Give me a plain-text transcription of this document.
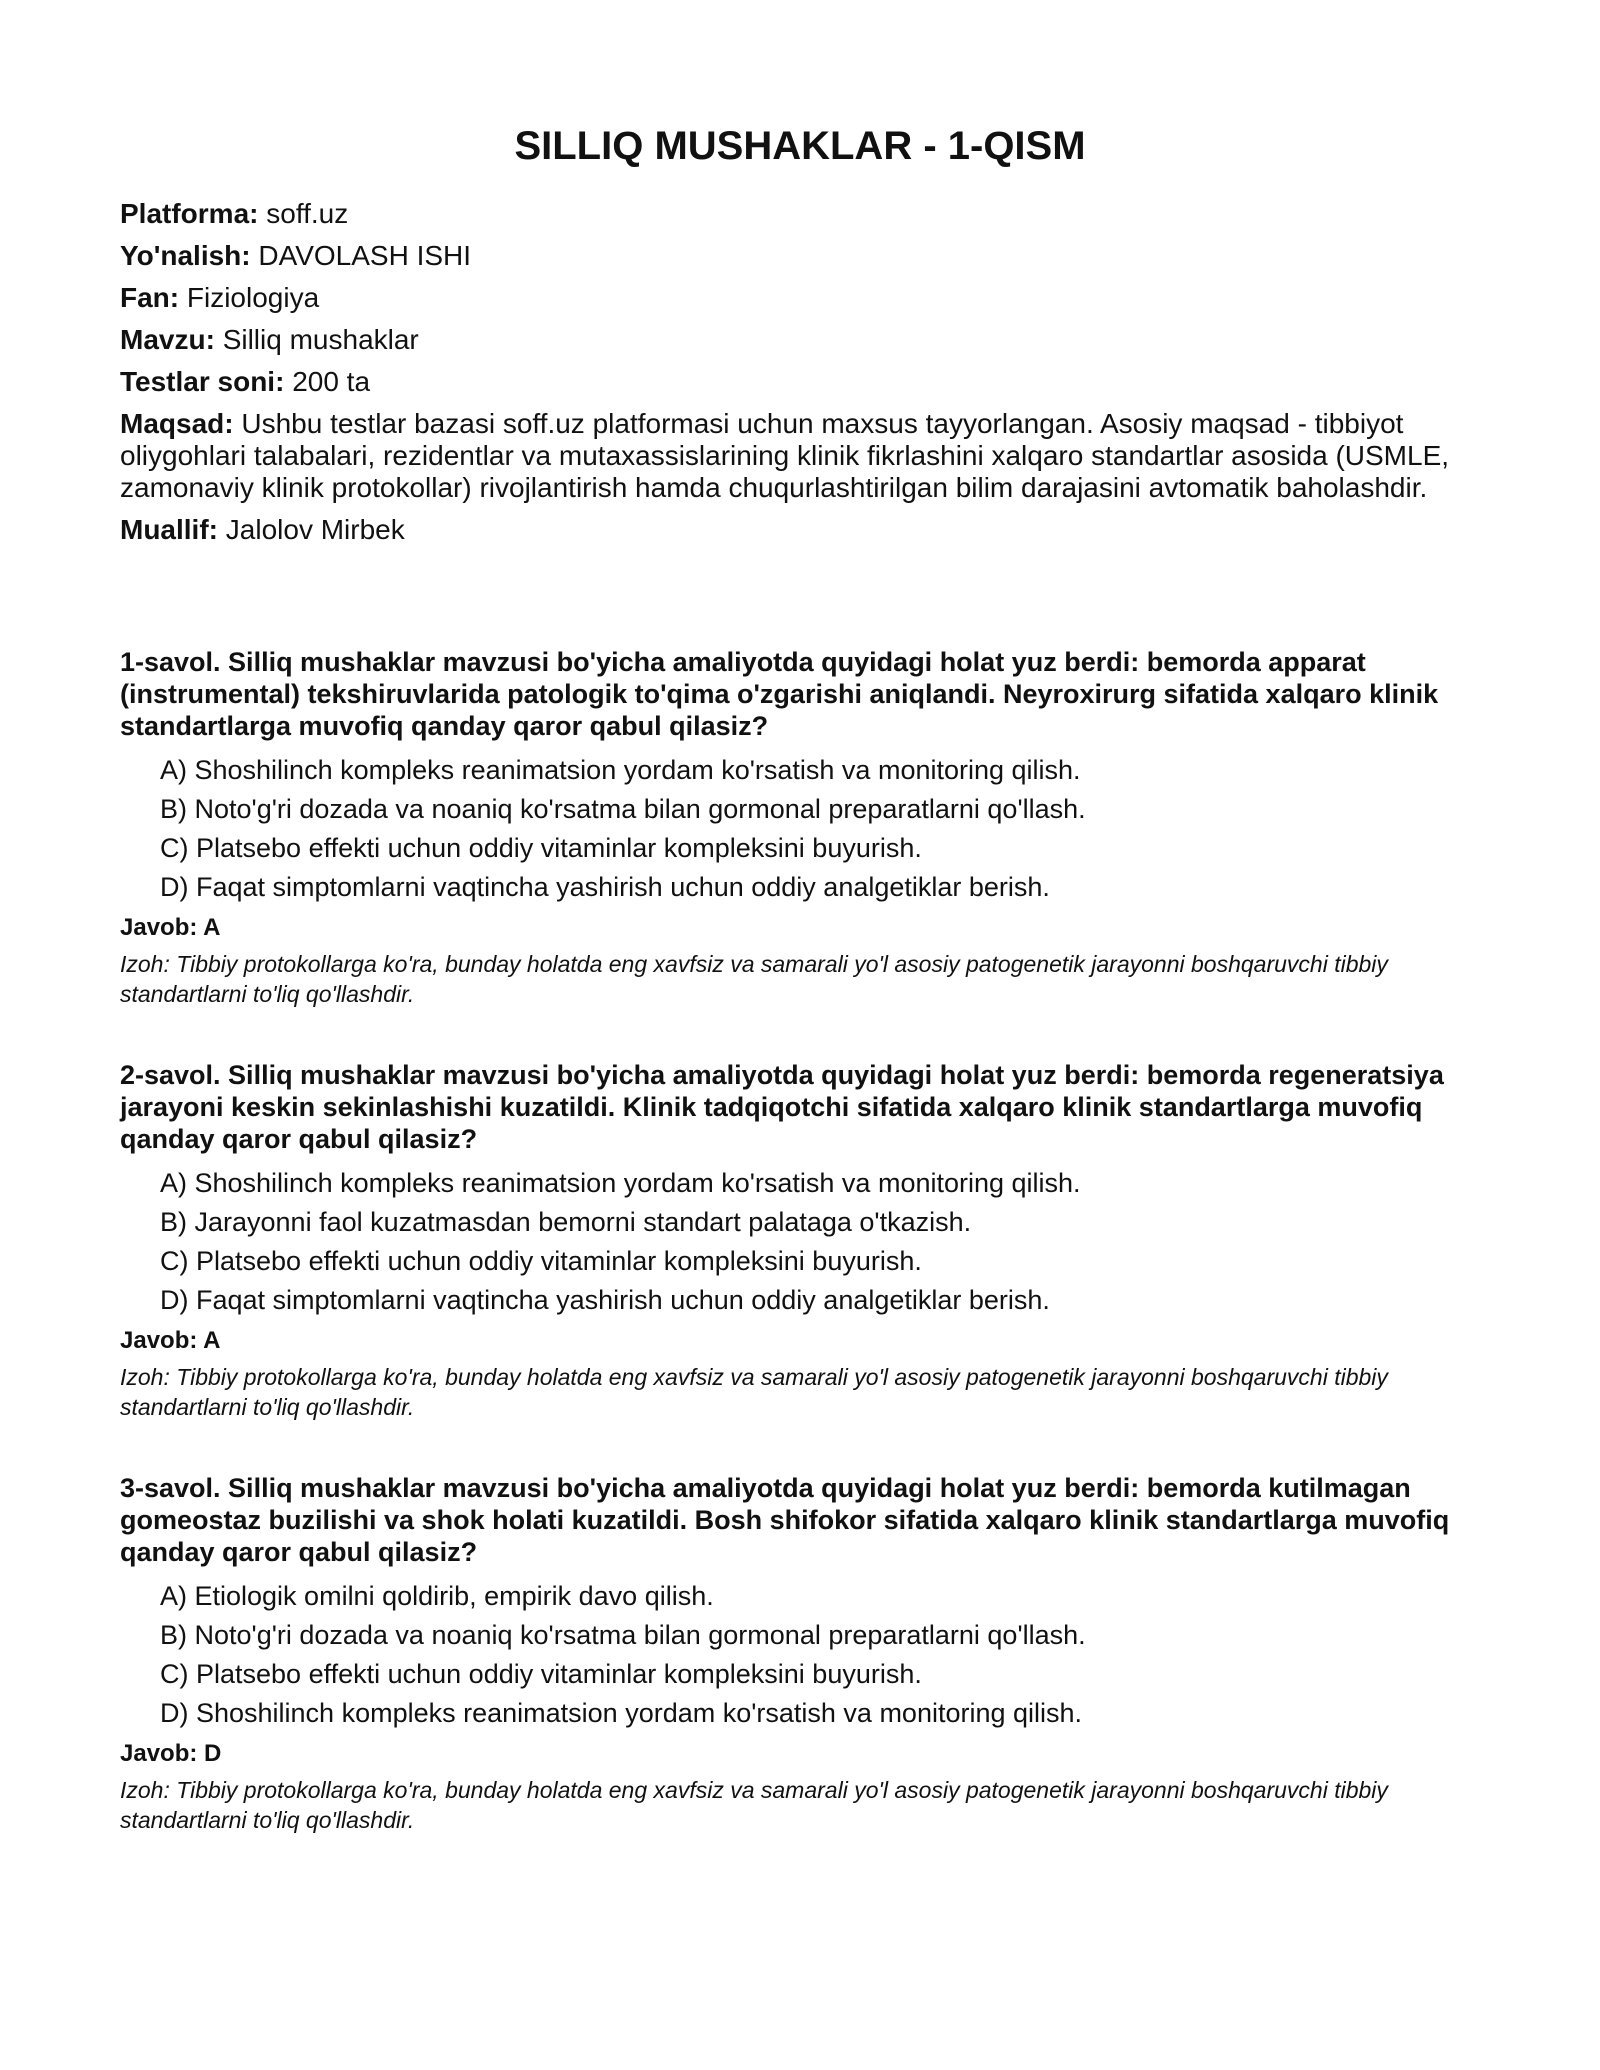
SILLIQ MUSHAKLAR - 1-QISM

Platforma: soff.uz

Yo'nalish: DAVOLASH ISHI

Fan: Fiziologiya

Mavzu: Silliq mushaklar

Testlar soni: 200 ta

Maqsad: Ushbu testlar bazasi soff.uz platformasi uchun maxsus tayyorlangan. Asosiy maqsad - tibbiyot oliygohlari talabalari, rezidentlar va mutaxassislarining klinik fikrlashini xalqaro standartlar asosida (USMLE, zamonaviy klinik protokollar) rivojlantirish hamda chuqurlashtirilgan bilim darajasini avtomatik baholashdir.

Muallif: Jalolov Mirbek

1-savol. Silliq mushaklar mavzusi bo'yicha amaliyotda quyidagi holat yuz berdi: bemorda apparat (instrumental) tekshiruvlarida patologik to'qima o'zgarishi aniqlandi. Neyroxirurg sifatida xalqaro klinik standartlarga muvofiq qanday qaror qabul qilasiz?

A) Shoshilinch kompleks reanimatsion yordam ko'rsatish va monitoring qilish.
B) Noto'g'ri dozada va noaniq ko'rsatma bilan gormonal preparatlarni qo'llash.
C) Platsebo effekti uchun oddiy vitaminlar kompleksini buyurish.
D) Faqat simptomlarni vaqtincha yashirish uchun oddiy analgetiklar berish.

Javob: A

Izoh: Tibbiy protokollarga ko'ra, bunday holatda eng xavfsiz va samarali yo'l asosiy patogenetik jarayonni boshqaruvchi tibbiy standartlarni to'liq qo'llashdir.

2-savol. Silliq mushaklar mavzusi bo'yicha amaliyotda quyidagi holat yuz berdi: bemorda regeneratsiya jarayoni keskin sekinlashishi kuzatildi. Klinik tadqiqotchi sifatida xalqaro klinik standartlarga muvofiq qanday qaror qabul qilasiz?

A) Shoshilinch kompleks reanimatsion yordam ko'rsatish va monitoring qilish.
B) Jarayonni faol kuzatmasdan bemorni standart palataga o'tkazish.
C) Platsebo effekti uchun oddiy vitaminlar kompleksini buyurish.
D) Faqat simptomlarni vaqtincha yashirish uchun oddiy analgetiklar berish.

Javob: A

Izoh: Tibbiy protokollarga ko'ra, bunday holatda eng xavfsiz va samarali yo'l asosiy patogenetik jarayonni boshqaruvchi tibbiy standartlarni to'liq qo'llashdir.

3-savol. Silliq mushaklar mavzusi bo'yicha amaliyotda quyidagi holat yuz berdi: bemorda kutilmagan gomeostaz buzilishi va shok holati kuzatildi. Bosh shifokor sifatida xalqaro klinik standartlarga muvofiq qanday qaror qabul qilasiz?

A) Etiologik omilni qoldirib, empirik davo qilish.
B) Noto'g'ri dozada va noaniq ko'rsatma bilan gormonal preparatlarni qo'llash.
C) Platsebo effekti uchun oddiy vitaminlar kompleksini buyurish.
D) Shoshilinch kompleks reanimatsion yordam ko'rsatish va monitoring qilish.

Javob: D

Izoh: Tibbiy protokollarga ko'ra, bunday holatda eng xavfsiz va samarali yo'l asosiy patogenetik jarayonni boshqaruvchi tibbiy standartlarni to'liq qo'llashdir.
